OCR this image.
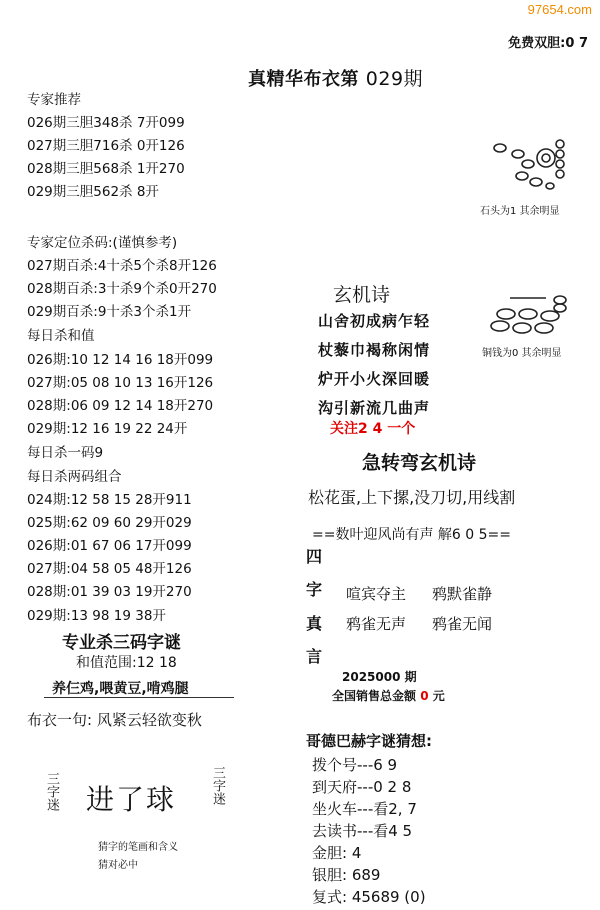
97654.com
免费双胆:0 7
真精华布衣第 029期
专家推荐
026期三胆348杀 7开099
027期三胆716杀 0开126
028期三胆568杀 1开270
029期三胆562杀 8开
专家定位杀码:(谨慎参考)
027期百杀:4十杀5个杀8开126
028期百杀:3十杀9个杀0开270
029期百杀:9十杀3个杀1开
每日杀和值
026期:10 12 14 16 18开099
027期:05 08 10 13 16开126
028期:06 09 12 14 18开270
029期:12 16 19 22 24开
每日杀一码9
每日杀两码组合
024期:12 58 15 28开911
025期:62 09 60 29开029
026期:01 67 06 17开099
027期:04 58 05 48开126
028期:01 39 03 19开270
029期:13 98 19 38开
专业杀三码字谜
和值范围:12 18
养仨鸡,喂黄豆,啃鸡腿
布衣一句: 风紧云轻欲变秋
三字迷 进了球	三字迷
猜字的笔画和含义
猜对必中
石头为1 其余明显
铜钱为0 其余明显
玄机诗
山舍初成病乍轻
杖藜巾褐称闲情
炉开小火深回暖
沟引新流几曲声
关注2 4 一个
急转弯玄机诗
松花蛋,上下摞,没刀切,用线割
==数叶迎风尚有声 解6 0 5==
四
字
真
言
喧宾夺主 鸦默雀静
鸦雀无声 鸦雀无闻
2025000 期
全国销售总金额 0 元
哥德巴赫字谜猜想:
拨个号---6 9
到天府---0 2 8
坐火车---看2, 7
去读书---看4 5
金胆: 4
银胆: 689
复式: 45689 (0)
